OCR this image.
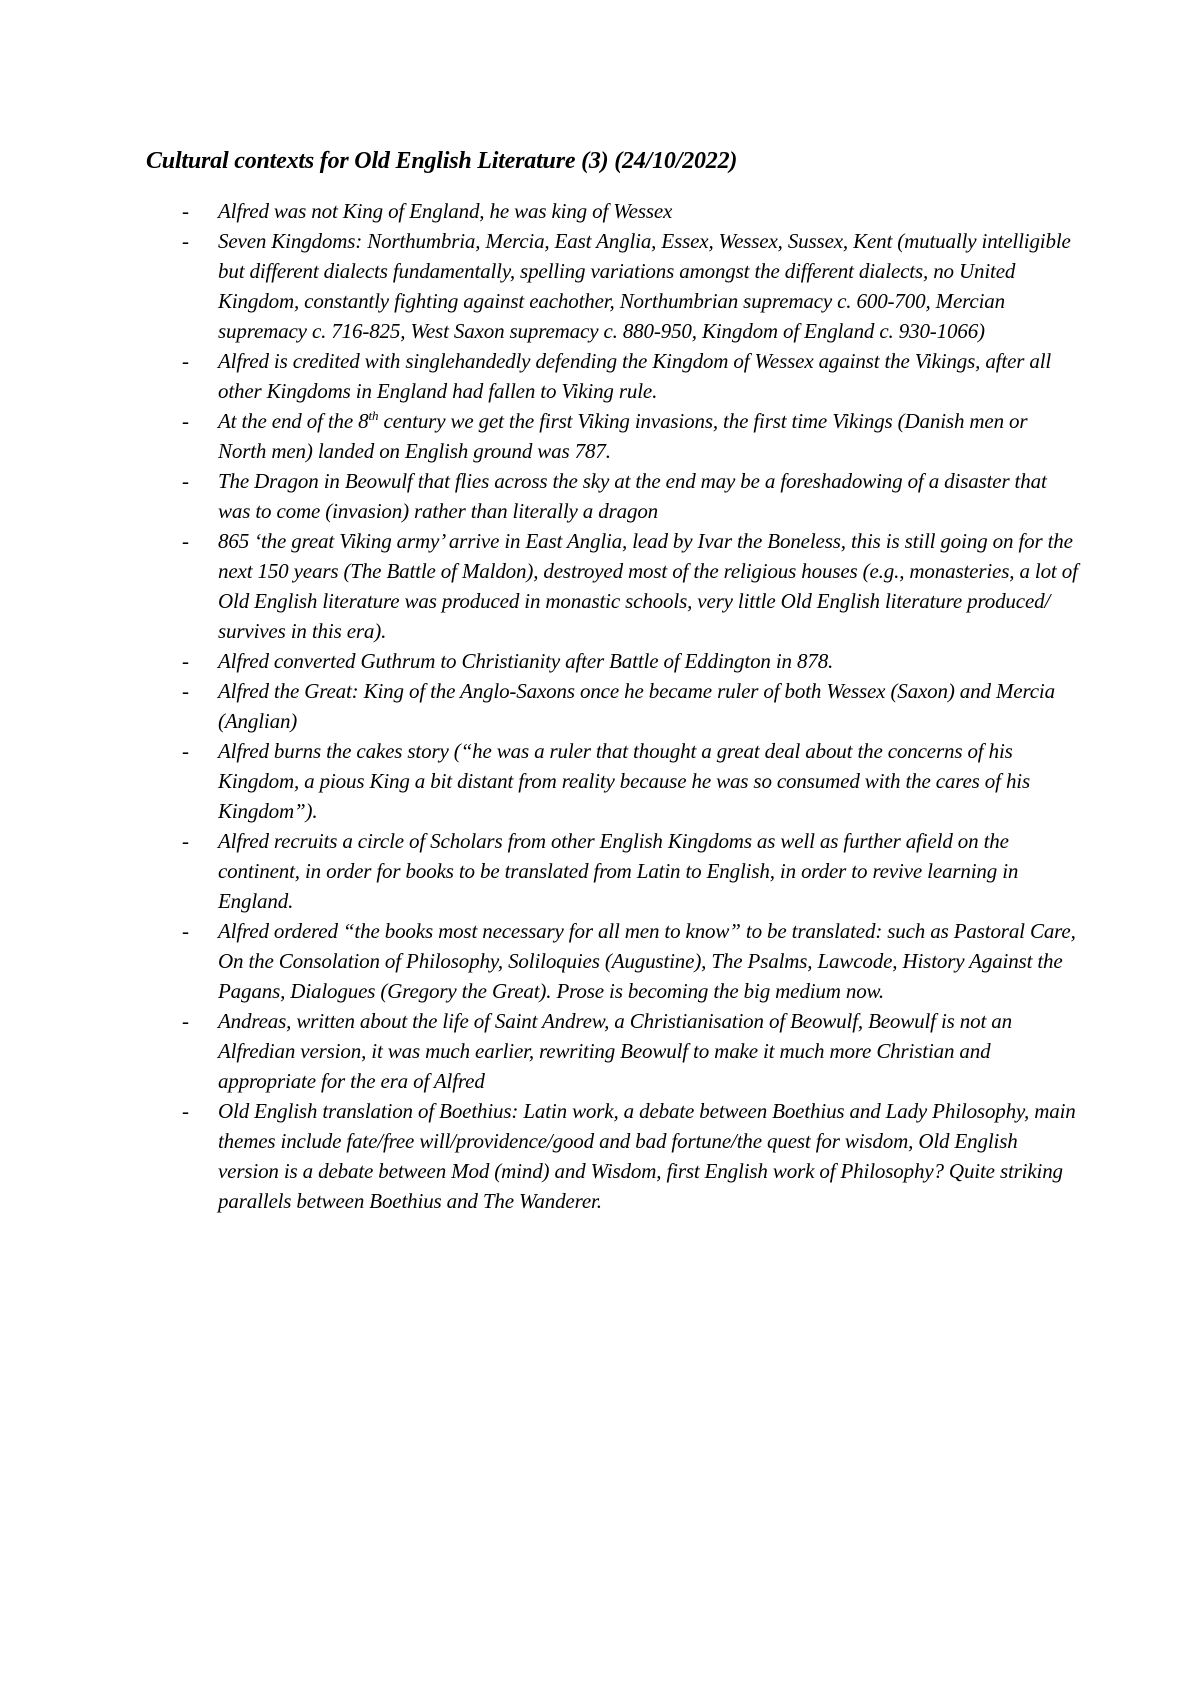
Cultural contexts for Old English Literature (3) (24/10/2022)
- Alfred was not King of England, he was king of Wessex
- Seven Kingdoms: Northumbria, Mercia, East Anglia, Essex, Wessex, Sussex, Kent (mutually intelligible but different dialects fundamentally, spelling variations amongst the different dialects, no United Kingdom, constantly fighting against eachother, Northumbrian supremacy c. 600-700, Mercian supremacy c. 716-825, West Saxon supremacy c. 880-950, Kingdom of England c. 930-1066)
- Alfred is credited with singlehandedly defending the Kingdom of Wessex against the Vikings, after all other Kingdoms in England had fallen to Viking rule.
- At the end of the 8th century we get the first Viking invasions, the first time Vikings (Danish men or North men) landed on English ground was 787.
- The Dragon in Beowulf that flies across the sky at the end may be a foreshadowing of a disaster that was to come (invasion) rather than literally a dragon
- 865 ‘the great Viking army’ arrive in East Anglia, lead by Ivar the Boneless, this is still going on for the next 150 years (The Battle of Maldon), destroyed most of the religious houses (e.g., monasteries, a lot of Old English literature was produced in monastic schools, very little Old English literature produced/ survives in this era).
- Alfred converted Guthrum to Christianity after Battle of Eddington in 878.
- Alfred the Great: King of the Anglo-Saxons once he became ruler of both Wessex (Saxon) and Mercia (Anglian)
- Alfred burns the cakes story (“he was a ruler that thought a great deal about the concerns of his Kingdom, a pious King a bit distant from reality because he was so consumed with the cares of his Kingdom”).
- Alfred recruits a circle of Scholars from other English Kingdoms as well as further afield on the continent, in order for books to be translated from Latin to English, in order to revive learning in England.
- Alfred ordered “the books most necessary for all men to know” to be translated: such as Pastoral Care, On the Consolation of Philosophy, Soliloquies (Augustine), The Psalms, Lawcode, History Against the Pagans, Dialogues (Gregory the Great). Prose is becoming the big medium now.
- Andreas, written about the life of Saint Andrew, a Christianisation of Beowulf, Beowulf is not an Alfredian version, it was much earlier, rewriting Beowulf to make it much more Christian and appropriate for the era of Alfred
- Old English translation of Boethius: Latin work, a debate between Boethius and Lady Philosophy, main themes include fate/free will/providence/good and bad fortune/the quest for wisdom, Old English version is a debate between Mod (mind) and Wisdom, first English work of Philosophy? Quite striking parallels between Boethius and The Wanderer.
